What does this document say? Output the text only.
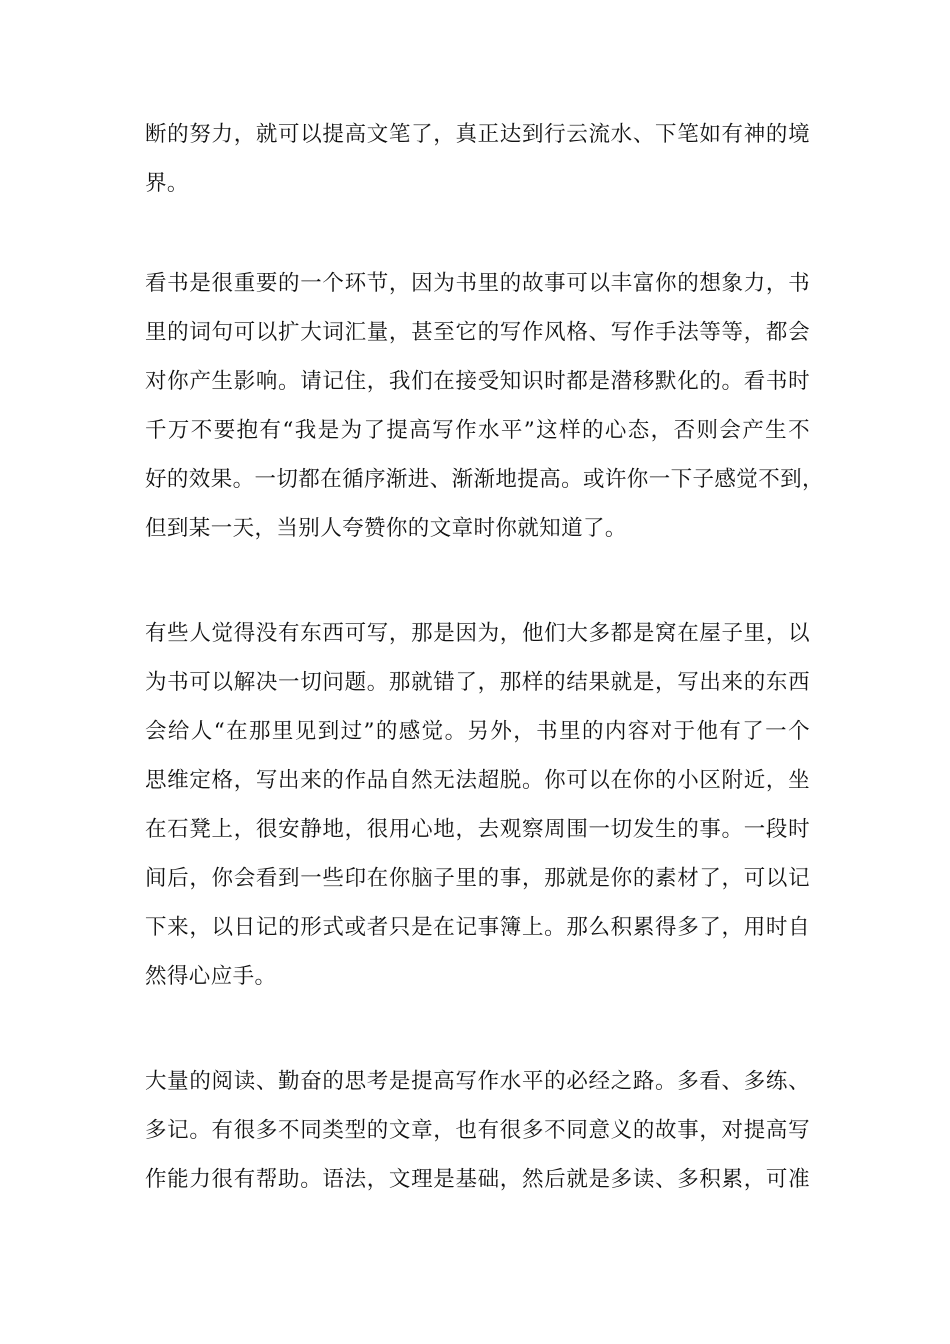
断的努力，就可以提高文笔了，真正达到行云流水、下笔如有神的境
界。
看书是很重要的一个环节，因为书里的故事可以丰富你的想象力，书
里的词句可以扩大词汇量，甚至它的写作风格、写作手法等等，都会
对你产生影响。请记住，我们在接受知识时都是潜移默化的。看书时
千万不要抱有“我是为了提高写作水平”这样的心态，否则会产生不
好的效果。一切都在循序渐进、渐渐地提高。或许你一下子感觉不到，
但到某一天，当别人夸赞你的文章时你就知道了。
有些人觉得没有东西可写，那是因为，他们大多都是窝在屋子里，以
为书可以解决一切问题。那就错了，那样的结果就是，写出来的东西
会给人“在那里见到过”的感觉。另外，书里的内容对于他有了一个
思维定格，写出来的作品自然无法超脱。你可以在你的小区附近，坐
在石凳上，很安静地，很用心地，去观察周围一切发生的事。一段时
间后，你会看到一些印在你脑子里的事，那就是你的素材了，可以记
下来，以日记的形式或者只是在记事簿上。那么积累得多了，用时自
然得心应手。
大量的阅读、勤奋的思考是提高写作水平的必经之路。多看、多练、
多记。有很多不同类型的文章，也有很多不同意义的故事，对提高写
作能力很有帮助。语法，文理是基础，然后就是多读、多积累，可准
